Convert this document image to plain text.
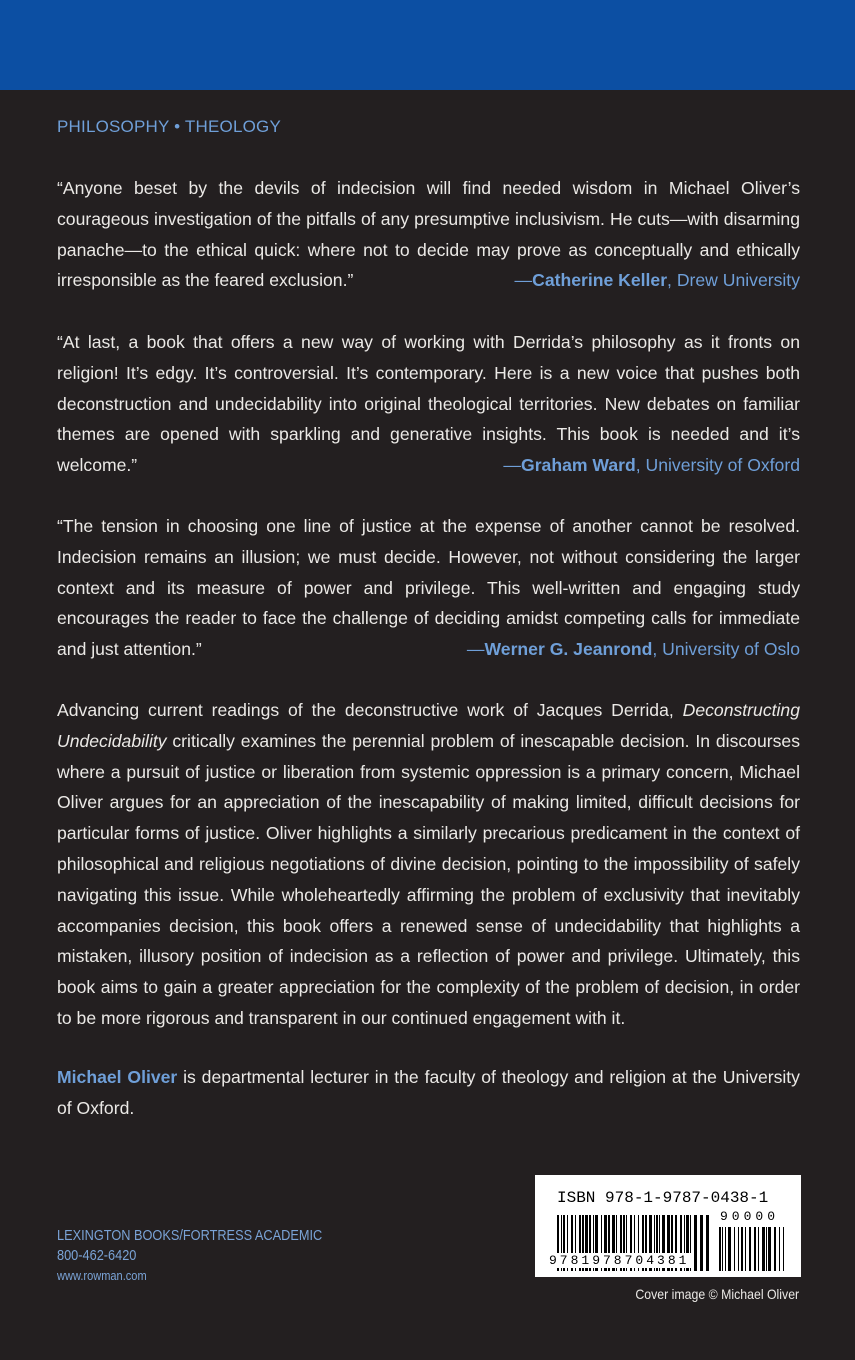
PHILOSOPHY • THEOLOGY

“Anyone beset by the devils of indecision will find needed wisdom in Michael Oliver’s courageous investigation of the pitfalls of any presumptive inclusivism. He cuts—with disarming panache—to the ethical quick: where not to decide may prove as conceptually and ethically irresponsible as the feared exclusion.”	—Catherine Keller, Drew University

“At last, a book that offers a new way of working with Derrida’s philosophy as it fronts on religion! It’s edgy. It’s controversial. It’s contemporary. Here is a new voice that pushes both deconstruction and undecidability into original theological territories. New debates on familiar themes are opened with sparkling and generative insights. This book is needed and it’s welcome.”	—Graham Ward, University of Oxford

“The tension in choosing one line of justice at the expense of another cannot be resolved. Indecision remains an illusion; we must decide. However, not without considering the larger context and its measure of power and privilege. This well-written and engaging study encourages the reader to face the challenge of deciding amidst competing calls for immediate and just attention.”	—Werner G. Jeanrond, University of Oslo

Advancing current readings of the deconstructive work of Jacques Derrida, Deconstructing Undecidability critically examines the perennial problem of inescapable decision. In discourses where a pursuit of justice or liberation from systemic oppression is a primary concern, Michael Oliver argues for an appreciation of the inescapability of making limited, difficult decisions for particular forms of justice. Oliver highlights a similarly precarious predicament in the context of philosophical and religious negotiations of divine decision, pointing to the impossibility of safely navigating this issue. While wholeheartedly affirming the problem of exclusivity that inevitably accompanies decision, this book offers a renewed sense of undecidability that highlights a mistaken, illusory position of indecision as a reflection of power and privilege. Ultimately, this book aims to gain a greater appreciation for the complexity of the problem of decision, in order to be more rigorous and transparent in our continued engagement with it.

Michael Oliver is departmental lecturer in the faculty of theology and religion at the University of Oxford.

LEXINGTON BOOKS/FORTRESS ACADEMIC
800-462-6420
www.rowman.com
ISBN 978-1-9787-0438-1
9781978704381
90000
Cover image © Michael Oliver
